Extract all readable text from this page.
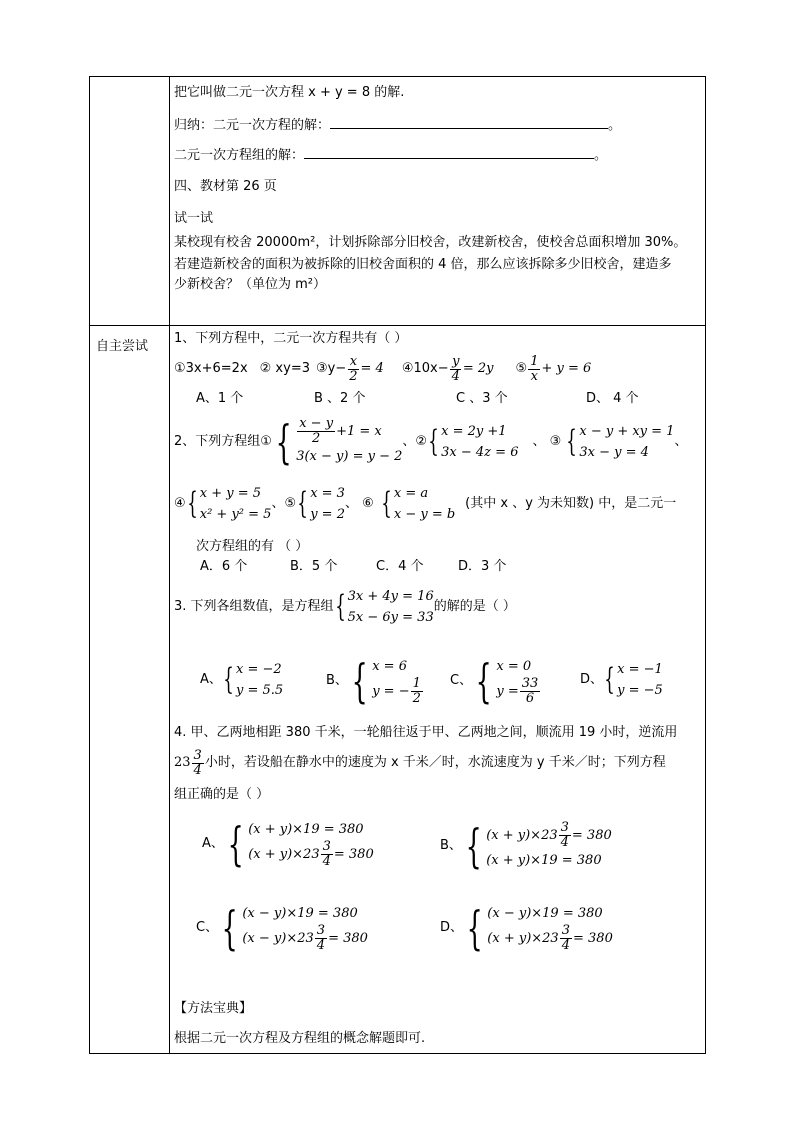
自主尝试
把它叫做二元一次方程 x + y = 8 的解.
归纳：二元一次方程的解：	。
二元一次方程组的解：	。
四、教材第 26 页
试一试
某校现有校舍 20000m²，计划拆除部分旧校舍，改建新校舍，使校舍总面积增加 30%。
若建造新校舍的面积为被拆除的旧校舍面积的 4 倍，那么应该拆除多少旧校舍，建造多
少新校舍？（单位为 m²）
1、下列方程中，二元一次方程共有（ ）
①3x+6=2x ② xy=3 ③y− $\frac{x}{2} = 4$ ④10x− $\frac{y}{4} = 2y$ ⑤ $\frac{1}{x} + y = 6$
A、1 个	B 、2 个	C 、3 个	D、 4 个
2、下列方程组① { $\frac{x - y}{2} +1 = x$
3(x − y) = y − 2
、② { x = 2y +1
3x − 4z = 6
、 ③ { x − y + xy = 1
3x − y = 4
、
④ { x + y = 5
x² + y² = 5
、⑤ { x = 3
y = 2
、 ⑥ { x = a
x − y = b
(其中 x 、y 为未知数) 中，是二元一
次方程组的有 （ ）
A．6 个	B．5 个	C．4 个	D．3 个
3. 下列各组数值，是方程组 { 3x + 4y = 16
5x − 6y = 33
的解的是（ ）
A、 { x = −2
y = 5.5
B、 { x = 6
y = − $\frac{1}{2}$ C、 { x = 0
$y = \frac{33}{6}$	D、 { x = −1
y = −5
4. 甲、乙两地相距 380 千米，一轮船往返于甲、乙两地之间，顺流用 19 小时，逆流用
$23 \frac{3}{4}$ 小时，若设船在静水中的速度为 x 千米／时，水流速度为 y 千米／时；下列方程
组正确的是（ ）
A、 { (x + y)×19 = 380
$(x + y)\times 23 \frac{3}{4} = 380$
B、 { $(x + y)\times 23 \frac{3}{4} = 380$
(x + y)×19 = 380
C、 { (x − y)×19 = 380
$(x - y)\times 23 \frac{3}{4} = 380$
D、 { (x − y)×19 = 380
$(x + y)\times 23 \frac{3}{4} = 380$
【方法宝典】
根据二元一次方程及方程组的概念解题即可.
